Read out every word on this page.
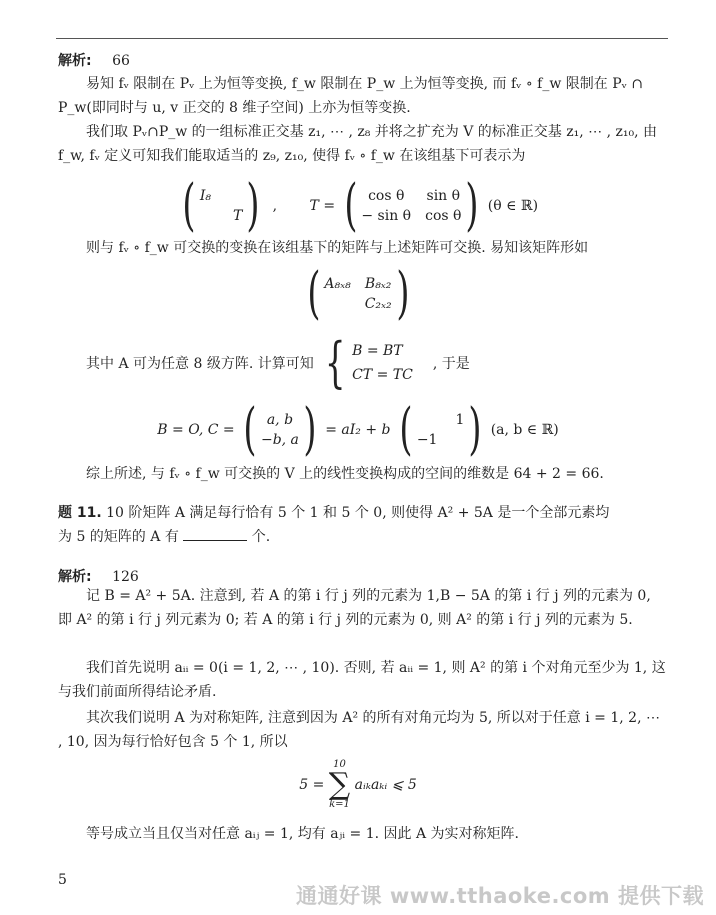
解析: 66
易知 fᵥ 限制在 Pᵥ 上为恒等变换, f_w 限制在 P_w 上为恒等变换, 而 fᵥ ∘ f_w 限制在 Pᵥ ∩ P_w(即同时与 u, v 正交的 8 维子空间) 上亦为恒等变换.
我们取 Pᵥ∩P_w 的一组标准正交基 z₁, ⋯ , z₈ 并将之扩充为 V 的标准正交基 z₁, ⋯ , z₁₀, 由 f_w, fᵥ 定义可知我们能取适当的 z₉, z₁₀, 使得 fᵥ ∘ f_w 在该组基下可表示为
( I₈
T ) , T = ( cos θ	sin θ
− sin θ cos θ ) (θ ∈ ℝ)
则与 fᵥ ∘ f_w 可交换的变换在该组基下的矩阵与上述矩阵可交换. 易知该矩阵形如
( A₈ₓ₈ B₈ₓ₂
C₂ₓ₂ )
其中 A 可为任意 8 级方阵. 计算可知 { B = BT
CT = TC
, 于是
B = O, C = ( a, b
−b, a ) = aI₂ + b (	1
−1 ) (a, b ∈ ℝ)
综上所述, 与 fᵥ ∘ f_w 可交换的 V 上的线性变换构成的空间的维数是 64 + 2 = 66.
题 11. 10 阶矩阵 A 满足每行恰有 5 个 1 和 5 个 0, 则使得 A² + 5A 是一个全部元素均
为 5 的矩阵的 A 有	个.
解析: 126
记 B = A² + 5A. 注意到, 若 A 的第 i 行 j 列的元素为 1,B − 5A 的第 i 行 j 列的元素为 0, 即 A² 的第 i 行 j 列元素为 0; 若 A 的第 i 行 j 列的元素为 0, 则 A² 的第 i 行 j 列的元素为 5.
我们首先说明 aᵢᵢ = 0(i = 1, 2, ⋯ , 10). 否则, 若 aᵢᵢ = 1, 则 A² 的第 i 个对角元至少为 1, 这与我们前面所得结论矛盾.
其次我们说明 A 为对称矩阵, 注意到因为 A² 的所有对角元均为 5, 所以对于任意 i = 1, 2, ⋯ , 10, 因为每行恰好包含 5 个 1, 所以
5 =
10
∑
k=1
aᵢₖaₖᵢ ⩽ 5
等号成立当且仅当对任意 aᵢⱼ = 1, 均有 aⱼᵢ = 1. 因此 A 为实对称矩阵.
5
通通好课 www.tthaoke.com 提供下载
